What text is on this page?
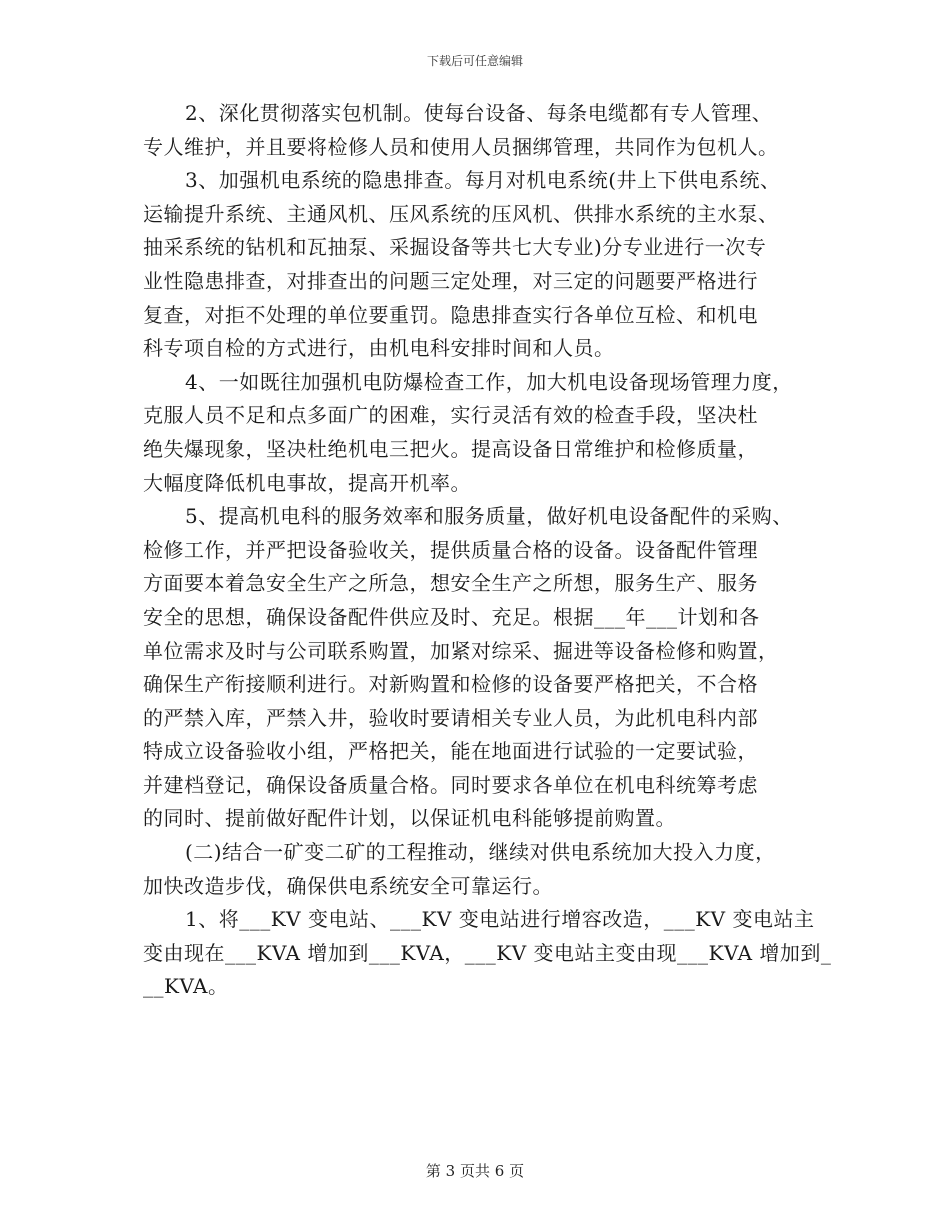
下载后可任意编辑
2、深化贯彻落实包机制。使每台设备、每条电缆都有专人管理、
专人维护，并且要将检修人员和使用人员捆绑管理，共同作为包机人。
3、加强机电系统的隐患排查。每月对机电系统(井上下供电系统、
运输提升系统、主通风机、压风系统的压风机、供排水系统的主水泵、
抽采系统的钻机和瓦抽泵、采掘设备等共七大专业)分专业进行一次专
业性隐患排查，对排查出的问题三定处理，对三定的问题要严格进行
复查，对拒不处理的单位要重罚。隐患排查实行各单位互检、和机电
科专项自检的方式进行，由机电科安排时间和人员。
4、一如既往加强机电防爆检查工作，加大机电设备现场管理力度，
克服人员不足和点多面广的困难，实行灵活有效的检查手段，坚决杜
绝失爆现象，坚决杜绝机电三把火。提高设备日常维护和检修质量，
大幅度降低机电事故，提高开机率。
5、提高机电科的服务效率和服务质量，做好机电设备配件的采购、
检修工作，并严把设备验收关，提供质量合格的设备。设备配件管理
方面要本着急安全生产之所急，想安全生产之所想，服务生产、服务
安全的思想，确保设备配件供应及时、充足。根据___年___计划和各
单位需求及时与公司联系购置，加紧对综采、掘进等设备检修和购置，
确保生产衔接顺利进行。对新购置和检修的设备要严格把关，不合格
的严禁入库，严禁入井，验收时要请相关专业人员，为此机电科内部
特成立设备验收小组，严格把关，能在地面进行试验的一定要试验，
并建档登记，确保设备质量合格。同时要求各单位在机电科统筹考虑
的同时、提前做好配件计划，以保证机电科能够提前购置。
(二)结合一矿变二矿的工程推动，继续对供电系统加大投入力度，
加快改造步伐，确保供电系统安全可靠运行。
1、将___KV 变电站、___KV 变电站进行增容改造，___KV 变电站主
变由现在___KVA 增加到___KVA，___KV 变电站主变由现___KVA 增加到_
__KVA。
第 3 页共 6 页
